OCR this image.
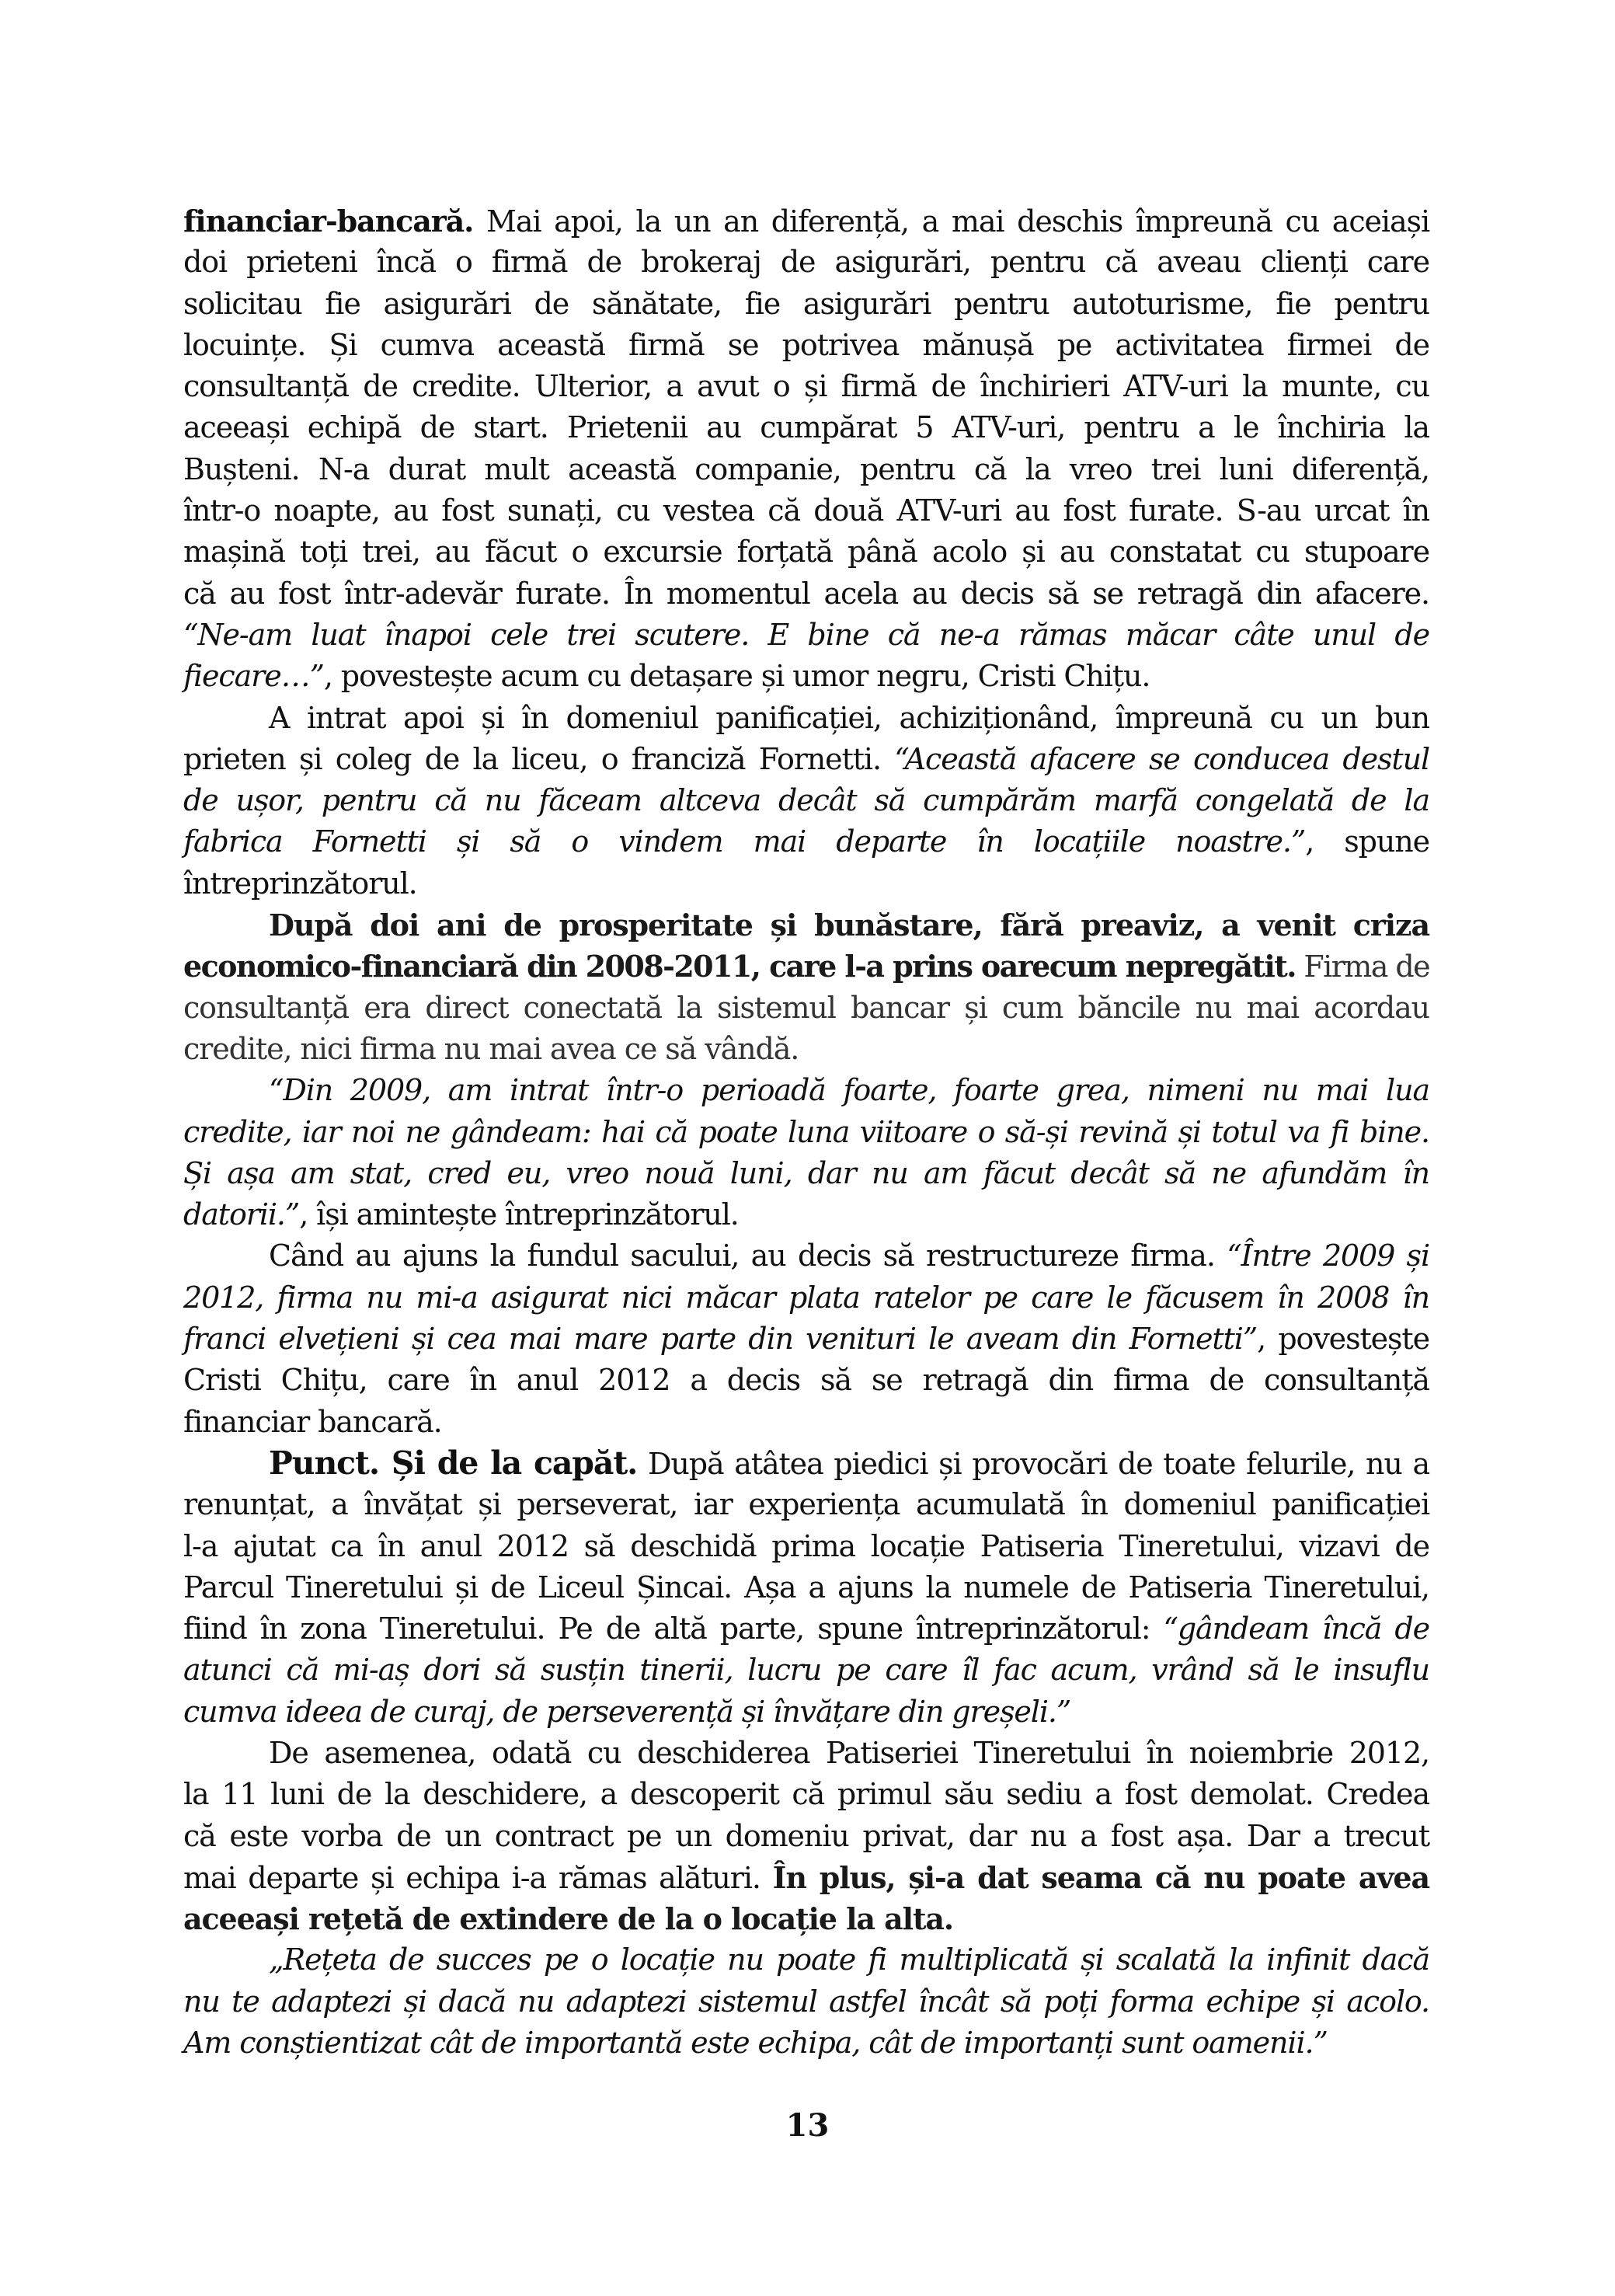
financiar-bancară. Mai apoi, la un an diferență, a mai deschis împreună cu aceiași
doi prieteni încă o firmă de brokeraj de asigurări, pentru că aveau clienți care
solicitau fie asigurări de sănătate, fie asigurări pentru autoturisme, fie pentru
locuințe. Și cumva această firmă se potrivea mănușă pe activitatea firmei de
consultanță de credite. Ulterior, a avut o și firmă de închirieri ATV-uri la munte, cu
aceeași echipă de start. Prietenii au cumpărat 5 ATV-uri, pentru a le închiria la
Bușteni. N-a durat mult această companie, pentru că la vreo trei luni diferență,
într-o noapte, au fost sunați, cu vestea că două ATV-uri au fost furate. S-au urcat în
mașină toți trei, au făcut o excursie forțată până acolo și au constatat cu stupoare
că au fost într-adevăr furate. În momentul acela au decis să se retragă din afacere.
“Ne-am luat înapoi cele trei scutere. E bine că ne-a rămas măcar câte unul de
fiecare…”, povestește acum cu detașare și umor negru, Cristi Chițu.
A intrat apoi și în domeniul panificației, achiziționând, împreună cu un bun
prieten și coleg de la liceu, o franciză Fornetti. “Această afacere se conducea destul
de ușor, pentru că nu făceam altceva decât să cumpărăm marfă congelată de la
fabrica Fornetti și să o vindem mai departe în locațiile noastre.”, spune
întreprinzătorul.
După doi ani de prosperitate și bunăstare, fără preaviz, a venit criza
economico-financiară din 2008-2011, care l-a prins oarecum nepregătit. Firma de
consultanță era direct conectată la sistemul bancar și cum băncile nu mai acordau
credite, nici firma nu mai avea ce să vândă.
“Din 2009, am intrat într-o perioadă foarte, foarte grea, nimeni nu mai lua
credite, iar noi ne gândeam: hai că poate luna viitoare o să-și revină și totul va fi bine.
Și așa am stat, cred eu, vreo nouă luni, dar nu am făcut decât să ne afundăm în
datorii.”, își amintește întreprinzătorul.
Când au ajuns la fundul sacului, au decis să restructureze firma. “Între 2009 și
2012, firma nu mi-a asigurat nici măcar plata ratelor pe care le făcusem în 2008 în
franci elvețieni și cea mai mare parte din venituri le aveam din Fornetti”, povestește
Cristi Chițu, care în anul 2012 a decis să se retragă din firma de consultanță
financiar bancară.
Punct. Și de la capăt. După atâtea piedici și provocări de toate felurile, nu a
renunțat, a învățat și perseverat, iar experiența acumulată în domeniul panificației
l-a ajutat ca în anul 2012 să deschidă prima locație Patiseria Tineretului, vizavi de
Parcul Tineretului și de Liceul Șincai. Așa a ajuns la numele de Patiseria Tineretului,
fiind în zona Tineretului. Pe de altă parte, spune întreprinzătorul: “gândeam încă de
atunci că mi-aș dori să susțin tinerii, lucru pe care îl fac acum, vrând să le insuflu
cumva ideea de curaj, de perseverență și învățare din greșeli.”
De asemenea, odată cu deschiderea Patiseriei Tineretului în noiembrie 2012,
la 11 luni de la deschidere, a descoperit că primul său sediu a fost demolat. Credea
că este vorba de un contract pe un domeniu privat, dar nu a fost așa. Dar a trecut
mai departe și echipa i-a rămas alături. În plus, și-a dat seama că nu poate avea
aceeași rețetă de extindere de la o locație la alta.
„Rețeta de succes pe o locație nu poate fi multiplicată și scalată la infinit dacă
nu te adaptezi și dacă nu adaptezi sistemul astfel încât să poți forma echipe și acolo.
Am conștientizat cât de importantă este echipa, cât de importanți sunt oamenii.”
13
